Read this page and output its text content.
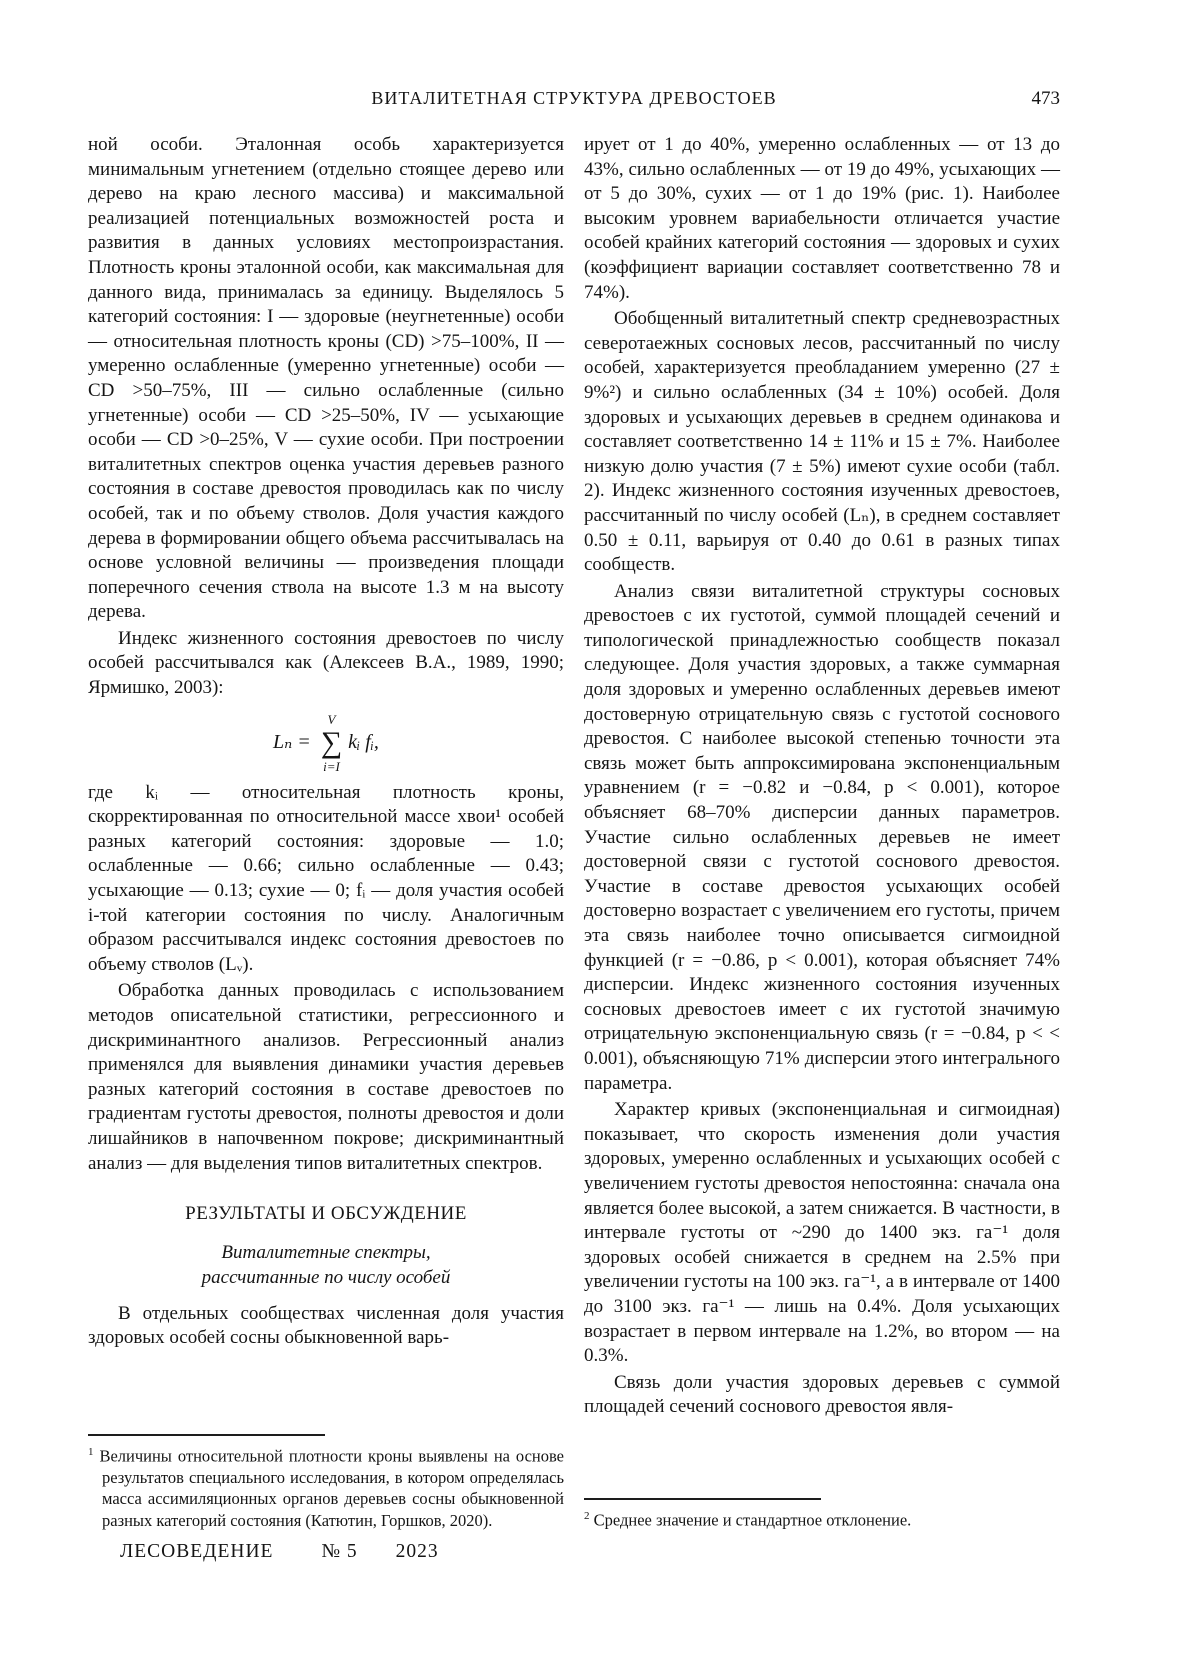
ВИТАЛИТЕТНАЯ СТРУКТУРА ДРЕВОСТОЕВ	473

ной особи. Эталонная особь характеризуется минимальным угнетением (отдельно стоящее дерево или дерево на краю лесного массива) и максимальной реализацией потенциальных возможностей роста и развития в данных условиях местопроизрастания. Плотность кроны эталонной особи, как максимальная для данного вида, принималась за единицу. Выделялось 5 категорий состояния: I — здоровые (неугнетенные) особи — относительная плотность кроны (CD) >75–100%, II — умеренно ослабленные (умеренно угнетенные) особи — CD >50–75%, III — сильно ослабленные (сильно угнетенные) особи — CD >25–50%, IV — усыхающие особи — CD >0–25%, V — сухие особи. При построении виталитетных спектров оценка участия деревьев разного состояния в составе древостоя проводилась как по числу особей, так и по объему стволов. Доля участия каждого дерева в формировании общего объема рассчитывалась на основе условной величины — произведения площади поперечного сечения ствола на высоте 1.3 м на высоту дерева.

Индекс жизненного состояния древостоев по числу особей рассчитывался как (Алексеев В.А., 1989, 1990; Ярмишко, 2003):

Lₙ =
V
∑
i=I
kᵢ fᵢ,

где kᵢ — относительная плотность кроны, скорректированная по относительной массе хвои¹ особей разных категорий состояния: здоровые — 1.0; ослабленные — 0.66; сильно ослабленные — 0.43; усыхающие — 0.13; сухие — 0; fᵢ — доля участия особей i-той категории состояния по числу. Аналогичным образом рассчитывался индекс состояния древостоев по объему стволов (Lᵥ).

Обработка данных проводилась с использованием методов описательной статистики, регрессионного и дискриминантного анализов. Регрессионный анализ применялся для выявления динамики участия деревьев разных категорий состояния в составе древостоев по градиентам густоты древостоя, полноты древостоя и доли лишайников в напочвенном покрове; дискриминантный анализ — для выделения типов виталитетных спектров.

РЕЗУЛЬТАТЫ И ОБСУЖДЕНИЕ
Виталитетные спектры,
рассчитанные по числу особей

В отдельных сообществах численная доля участия здоровых особей сосны обыкновенной варь-

$^1$ Величины относительной плотности кроны выявлены на основе результатов специального исследования, в котором определялась масса ассимиляционных органов деревьев сосны обыкновенной разных категорий состояния (Катютин, Горшков, 2020).

ирует от 1 до 40%, умеренно ослабленных — от 13 до 43%, сильно ослабленных — от 19 до 49%, усыхающих — от 5 до 30%, сухих — от 1 до 19% (рис. 1). Наиболее высоким уровнем вариабельности отличается участие особей крайних категорий состояния — здоровых и сухих (коэффициент вариации составляет соответственно 78 и 74%).

Обобщенный виталитетный спектр средневозрастных северотаежных сосновых лесов, рассчитанный по числу особей, характеризуется преобладанием умеренно (27 ± 9%²) и сильно ослабленных (34 ± 10%) особей. Доля здоровых и усыхающих деревьев в среднем одинакова и составляет соответственно 14 ± 11% и 15 ± 7%. Наиболее низкую долю участия (7 ± 5%) имеют сухие особи (табл. 2). Индекс жизненного состояния изученных древостоев, рассчитанный по числу особей (Lₙ), в среднем составляет 0.50 ± 0.11, варьируя от 0.40 до 0.61 в разных типах сообществ.

Анализ связи виталитетной структуры сосновых древостоев с их густотой, суммой площадей сечений и типологической принадлежностью сообществ показал следующее. Доля участия здоровых, а также суммарная доля здоровых и умеренно ослабленных деревьев имеют достоверную отрицательную связь с густотой соснового древостоя. С наиболее высокой степенью точности эта связь может быть аппроксимирована экспоненциальным уравнением (r = −0.82 и −0.84, p < 0.001), которое объясняет 68–70% дисперсии данных параметров. Участие сильно ослабленных деревьев не имеет достоверной связи с густотой соснового древостоя. Участие в составе древостоя усыхающих особей достоверно возрастает с увеличением его густоты, причем эта связь наиболее точно описывается сигмоидной функцией (r = −0.86, p < 0.001), которая объясняет 74% дисперсии. Индекс жизненного состояния изученных сосновых древостоев имеет с их густотой значимую отрицательную экспоненциальную связь (r = −0.84, p < < 0.001), объясняющую 71% дисперсии этого интегрального параметра.

Характер кривых (экспоненциальная и сигмоидная) показывает, что скорость изменения доли участия здоровых, умеренно ослабленных и усыхающих особей с увеличением густоты древостоя непостоянна: сначала она является более высокой, а затем снижается. В частности, в интервале густоты от ~290 до 1400 экз. га⁻¹ доля здоровых особей снижается в среднем на 2.5% при увеличении густоты на 100 экз. га⁻¹, а в интервале от 1400 до 3100 экз. га⁻¹ — лишь на 0.4%. Доля усыхающих возрастает в первом интервале на 1.2%, во втором — на 0.3%.

Связь доли участия здоровых деревьев с суммой площадей сечений соснового древостоя явля-

$^2$ Среднее значение и стандартное отклонение.

ЛЕСОВЕДЕНИЕ № 5 2023
